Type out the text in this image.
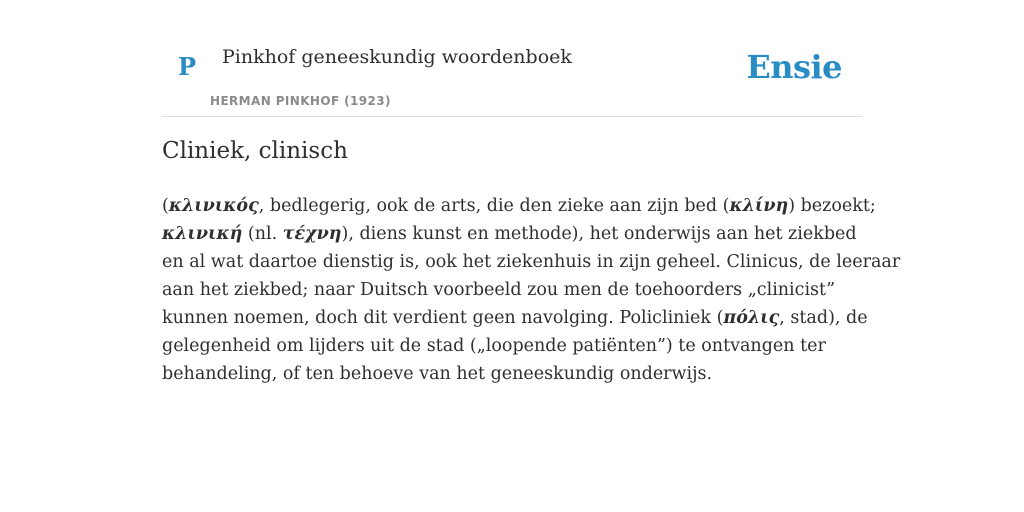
P Pinkhof geneeskundig woordenboek
HERMAN PINKHOF (1923)
Ensie
Cliniek, clinisch
(κλινικός, bedlegerig, ook de arts, die den zieke aan zijn bed (κλίνη) bezoekt;
κλινική (nl. τέχνη), diens kunst en methode), het onderwijs aan het ziekbed
en al wat daartoe dienstig is, ook het ziekenhuis in zijn geheel. Clinicus, de leeraar
aan het ziekbed; naar Duitsch voorbeeld zou men de toehoorders „clinicist”
kunnen noemen, doch dit verdient geen navolging. Policliniek (πόλις, stad), de
gelegenheid om lijders uit de stad („loopende patiënten”) te ontvangen ter
behandeling, of ten behoeve van het geneeskundig onderwijs.
